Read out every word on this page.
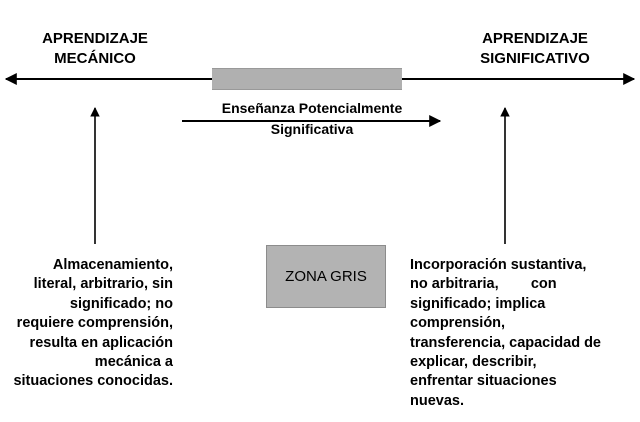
APRENDIZAJE
MECÁNICO
APRENDIZAJE
SIGNIFICATIVO
Enseñanza Potencialmente
Significativa
ZONA GRIS
Almacenamiento,
literal, arbitrario, sin
significado; no
requiere comprensión,
resulta en aplicación
mecánica a
situaciones conocidas.
Incorporación sustantiva,
no arbitraria,        con
significado; implica
comprensión,
transferencia, capacidad de
explicar, describir,
enfrentar situaciones
nuevas.
